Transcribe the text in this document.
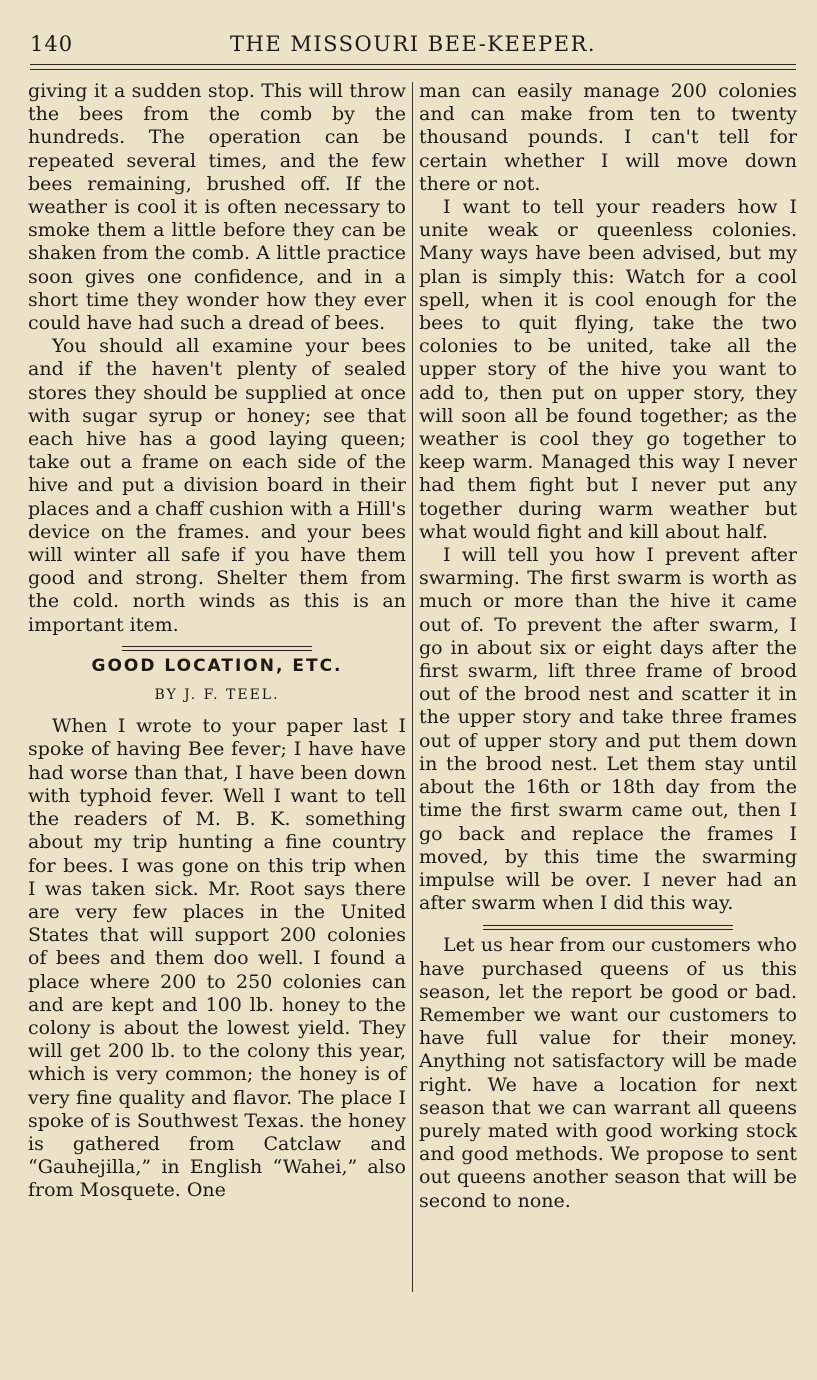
140	THE MISSOURI BEE-KEEPER.

giving it a sudden stop. This will throw the bees from the comb by the hundreds. The operation can be repeated several times, and the few bees remaining, brushed off. If the weather is cool it is often necessary to smoke them a little before they can be shaken from the comb. A little practice soon gives one confidence, and in a short time they wonder how they ever could have had such a dread of bees.

You should all examine your bees and if the haven't plenty of sealed stores they should be supplied at once with sugar syrup or honey; see that each hive has a good laying queen; take out a frame on each side of the hive and put a division board in their places and a chaff cushion with a Hill's device on the frames. and your bees will winter all safe if you have them good and strong. Shelter them from the cold. north winds as this is an important item.

GOOD LOCATION, ETC.
BY J. F. TEEL.

When I wrote to your paper last I spoke of having Bee fever; I have have had worse than that, I have been down with typhoid fever. Well I want to tell the readers of M. B. K. something about my trip hunting a fine country for bees. I was gone on this trip when I was taken sick. Mr. Root says there are very few places in the United States that will support 200 colonies of bees and them doo well. I found a place where 200 to 250 colonies can and are kept and 100 lb. honey to the colony is about the lowest yield. They will get 200 lb. to the colony this year, which is very common; the honey is of very fine quality and flavor. The place I spoke of is Southwest Texas. the honey is gathered from Catclaw and “Gauhejilla,” in English “Wahei,” also from Mosquete. One

man can easily manage 200 colonies and can make from ten to twenty thousand pounds. I can't tell for certain whether I will move down there or not.

I want to tell your readers how I unite weak or queenless colonies. Many ways have been advised, but my plan is simply this: Watch for a cool spell, when it is cool enough for the bees to quit flying, take the two colonies to be united, take all the upper story of the hive you want to add to, then put on upper story, they will soon all be found together; as the weather is cool they go together to keep warm. Managed this way I never had them fight but I never put any together during warm weather but what would fight and kill about half.

I will tell you how I prevent after swarming. The first swarm is worth as much or more than the hive it came out of. To prevent the after swarm, I go in about six or eight days after the first swarm, lift three frame of brood out of the brood nest and scatter it in the upper story and take three frames out of upper story and put them down in the brood nest. Let them stay until about the 16th or 18th day from the time the first swarm came out, then I go back and replace the frames I moved, by this time the swarming impulse will be over. I never had an after swarm when I did this way.

Let us hear from our customers who have purchased queens of us this season, let the report be good or bad. Remember we want our customers to have full value for their money. Anything not satisfactory will be made right. We have a location for next season that we can warrant all queens purely mated with good working stock and good methods. We propose to sent out queens another season that will be second to none.
